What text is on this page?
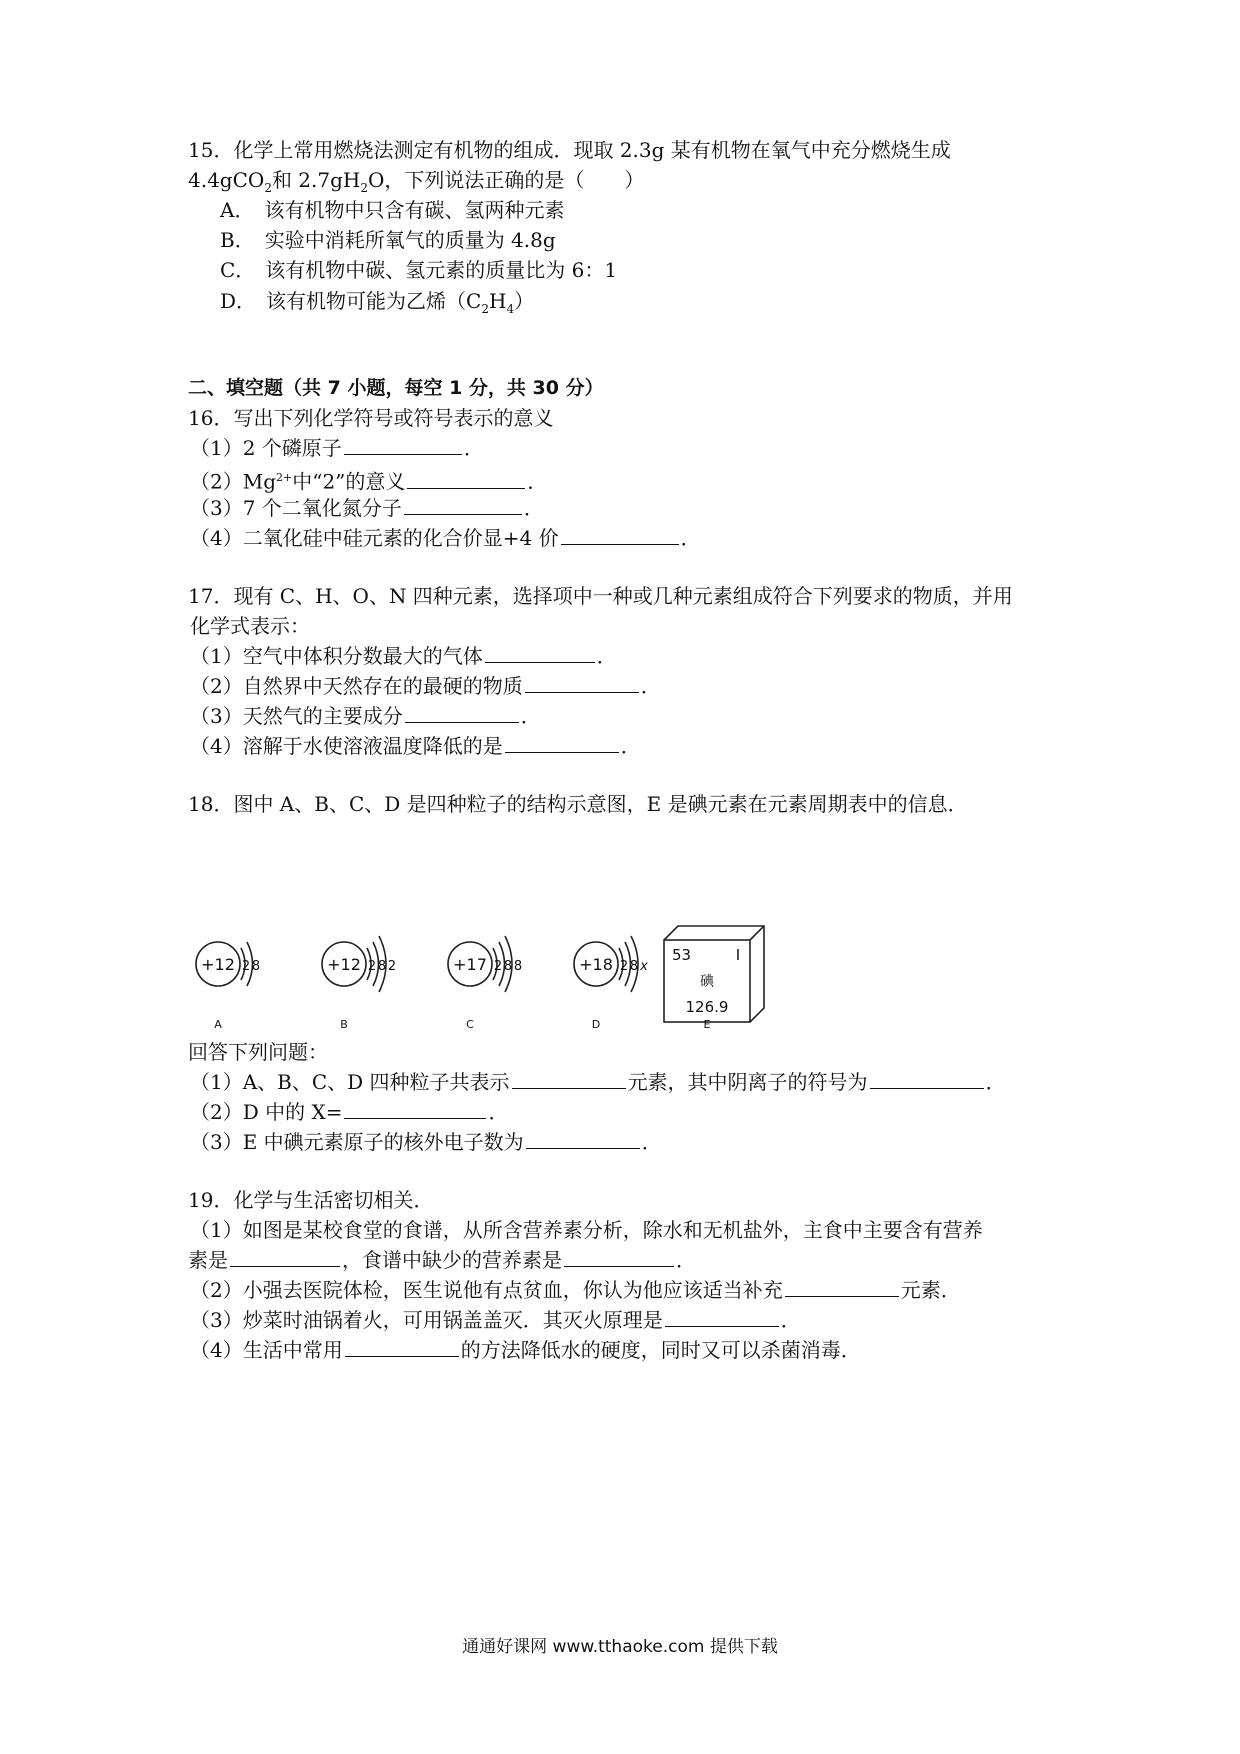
15．化学上常用燃烧法测定有机物的组成．现取 2.3g 某有机物在氧气中充分燃烧生成
4.4gCO$_2$和 $2.7gH_2O$，下列说法正确的是（　　）
A．　该有机物中只含有碳、氢两种元素
B．　实验中消耗所氧气的质量为 4.8g
C．　该有机物中碳、氢元素的质量比为 6：1
D．　该有机物可能为乙烯$(C_2H_4)$
二、填空题（共 7 小题，每空 1 分，共 30 分）
16．写出下列化学符号或符号表示的意义
（1）2 个磷原子	．
$(2)Mg^{2+}$中“2”的意义	．
（3）7 个二氧化氮分子	．
（4）二氧化硅中硅元素的化合价显+4 价	．
17．现有 C、H、O、N 四种元素，选择项中一种或几种元素组成符合下列要求的物质，并用
化学式表示：
（1）空气中体积分数最大的气体	．
（2）自然界中天然存在的最硬的物质	．
（3）天然气的主要成分	．
（4）溶解于水使溶液温度降低的是	．
18．图中 A、B、C、D 是四种粒子的结构示意图，E 是碘元素在元素周期表中的信息．
+12 2 8
A
+12 2 8 2
B
+17 2 8 8
C
+18 2 8 x
D
53	I
碘
126.9
E
回答下列问题：
（1）A、B、C、D 四种粒子共表示	元素，其中阴离子的符号为	．
（2）D 中的 X=	．
（3）E 中碘元素原子的核外电子数为	．
19．化学与生活密切相关．
（1）如图是某校食堂的食谱，从所含营养素分析，除水和无机盐外，主食中主要含有营养
素是	，食谱中缺少的营养素是	．
（2）小强去医院体检，医生说他有点贫血，你认为他应该适当补充	元素．
（3）炒菜时油锅着火，可用锅盖盖灭．其灭火原理是	．
（4）生活中常用	的方法降低水的硬度，同时又可以杀菌消毒．
通通好课网 www.tthaoke.com 提供下载
